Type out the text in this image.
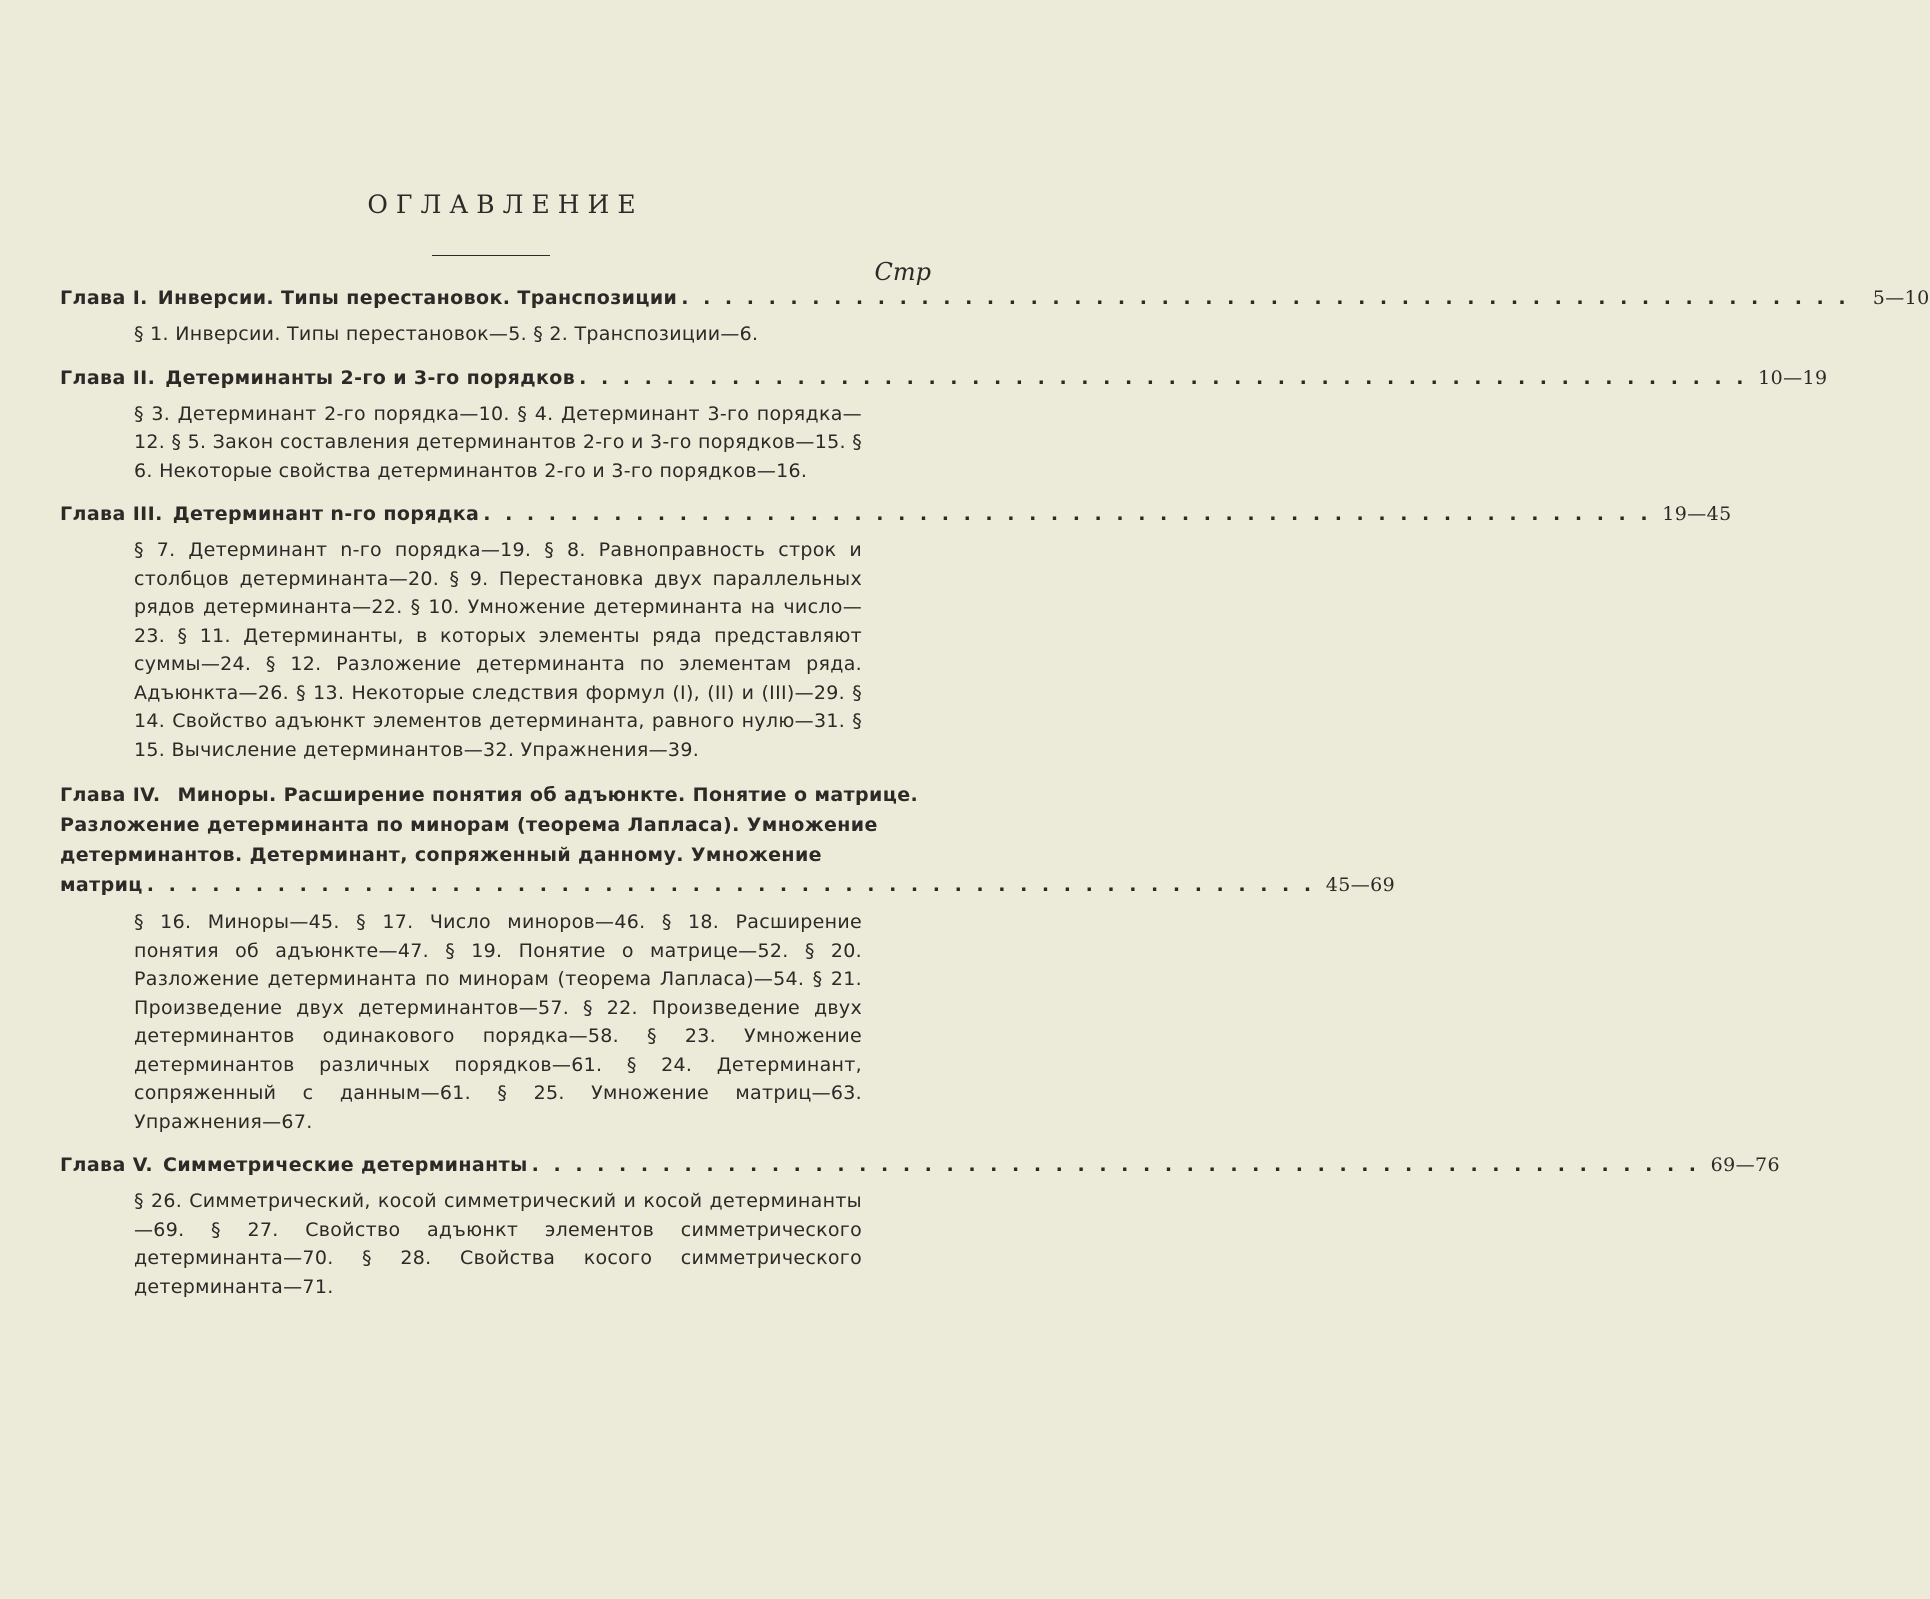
ОГЛАВЛЕНИЕ
Стр
Глава I. Инверсии. Типы перестановок. Транспозиции . . . . . . . . . . . . . . . . . . . . . . . . . . . . . . . . . . . . . . . . . . . . . . . . . . . . . .	5—10
§ 1. Инверсии. Типы перестановок—5. § 2. Транспозиции—6.
Глава II. Детерминанты 2-го и 3-го порядков . . . . . . . . . . . . . . . . . . . . . . . . . . . . . . . . . . . . . . . . . . . . . . . . . . . . . . 10—19
§ 3. Детерминант 2-го порядка—10. § 4. Детерминант 3-го порядка—12. § 5. Закон составления детерминантов 2-го и 3-го порядков—15. § 6. Некоторые свойства детерминантов 2-го и 3-го порядков—16.
Глава III. Детерминант n-го порядка . . . . . . . . . . . . . . . . . . . . . . . . . . . . . . . . . . . . . . . . . . . . . . . . . . . . . . 19—45
§ 7. Детерминант n-го порядка—19. § 8. Равноправность строк и столбцов детерминанта—20. § 9. Перестановка двух параллельных рядов детерминанта—22. § 10. Умножение детерминанта на число—23. § 11. Детерминанты, в которых элементы ряда представляют суммы—24. § 12. Разложение детерминанта по элементам ряда. Адъюнкта—26. § 13. Некоторые следствия формул (I), (II) и (III)—29. § 14. Свойство адъюнкт элементов детерминанта, равного нулю—31. § 15. Вычисление детерминантов—32. Упражнения—39.
Глава IV. Миноры. Расширение понятия об адъюнкте. Понятие о матрице. Разложение детерминанта по минорам (теорема Лапласа). Умножение детерминантов. Детерминант, сопряженный данному. Умножение
матриц . . . . . . . . . . . . . . . . . . . . . . . . . . . . . . . . . . . . . . . . . . . . . . . . . . . . . . 45—69
§ 16. Миноры—45. § 17. Число миноров—46. § 18. Расширение понятия об адъюнкте—47. § 19. Понятие о матрице—52. § 20. Разложение детерминанта по минорам (теорема Лапласа)—54. § 21. Произведение двух детерминантов—57. § 22. Произведение двух детерминантов одинакового порядка—58. § 23. Умножение детерминантов различных порядков—61. § 24. Детерминант, сопряженный с данным—61. § 25. Умножение матриц—63. Упражнения—67.
Глава V. Симметрические детерминанты . . . . . . . . . . . . . . . . . . . . . . . . . . . . . . . . . . . . . . . . . . . . . . . . . . . . . . 69—76
§ 26. Симметрический, косой симметрический и косой детерминанты—69. § 27. Свойство адъюнкт элементов симметрического детерминанта—70. § 28. Свойства косого симметрического детерминанта—71.
